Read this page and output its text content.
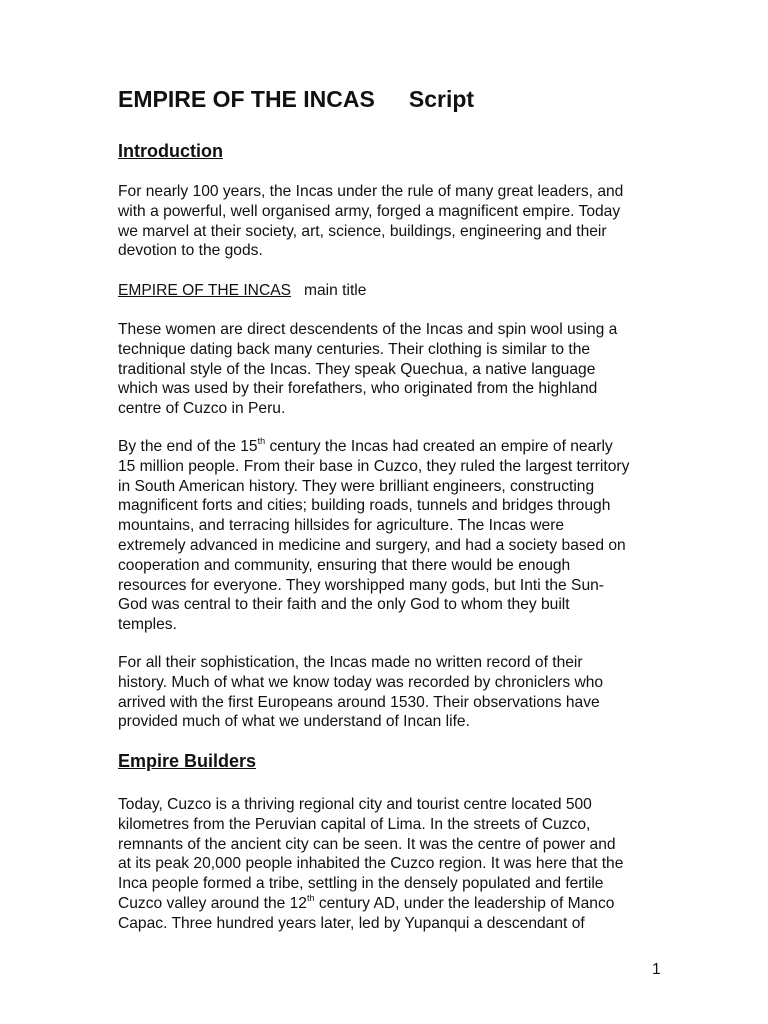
EMPIRE OF THE INCAS Script
Introduction
For nearly 100 years, the Incas under the rule of many great leaders, and
with a powerful, well organised army, forged a magnificent empire. Today
we marvel at their society, art, science, buildings, engineering and their
devotion to the gods.
EMPIRE OF THE INCAS main title
These women are direct descendents of the Incas and spin wool using a
technique dating back many centuries. Their clothing is similar to the
traditional style of the Incas. They speak Quechua, a native language
which was used by their forefathers, who originated from the highland
centre of Cuzco in Peru.
By the end of the 15th century the Incas had created an empire of nearly
15 million people. From their base in Cuzco, they ruled the largest territory
in South American history. They were brilliant engineers, constructing
magnificent forts and cities; building roads, tunnels and bridges through
mountains, and terracing hillsides for agriculture. The Incas were
extremely advanced in medicine and surgery, and had a society based on
cooperation and community, ensuring that there would be enough
resources for everyone. They worshipped many gods, but Inti the Sun-
God was central to their faith and the only God to whom they built
temples.
For all their sophistication, the Incas made no written record of their
history. Much of what we know today was recorded by chroniclers who
arrived with the first Europeans around 1530. Their observations have
provided much of what we understand of Incan life.
Empire Builders
Today, Cuzco is a thriving regional city and tourist centre located 500
kilometres from the Peruvian capital of Lima. In the streets of Cuzco,
remnants of the ancient city can be seen. It was the centre of power and
at its peak 20,000 people inhabited the Cuzco region. It was here that the
Inca people formed a tribe, settling in the densely populated and fertile
Cuzco valley around the 12th century AD, under the leadership of Manco
Capac. Three hundred years later, led by Yupanqui a descendant of
1
